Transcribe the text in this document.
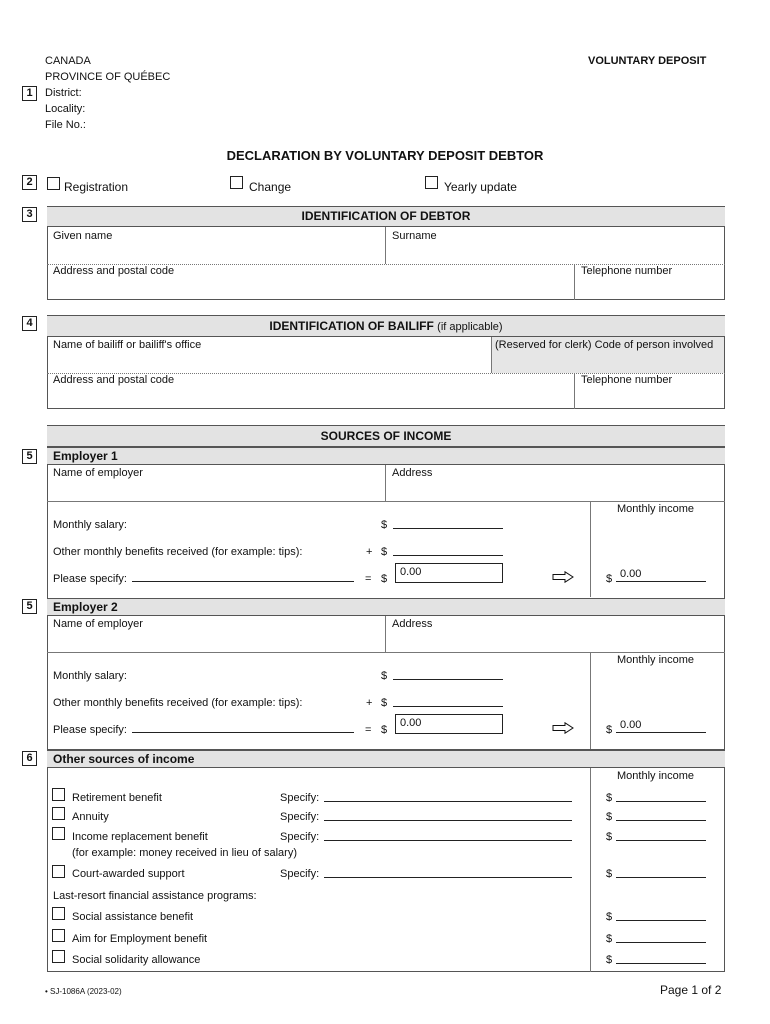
1
CANADA
PROVINCE OF QUÉBEC
District:
Locality:
File No.:
VOLUNTARY DEPOSIT
DECLARATION BY VOLUNTARY DEPOSIT DEBTOR
2	Registration	Change	Yearly update
3	IDENTIFICATION OF DEBTOR
Given name	Surname
Address and postal code	Telephone number
4	IDENTIFICATION OF BAILIFF (if applicable)
Name of bailiff or bailiff's office	(Reserved for clerk) Code of person involved
Address and postal code	Telephone number
SOURCES OF INCOME
5	Employer 1
Name of employer	Address
Monthly income
Monthly salary:	$
Other monthly benefits received (for example: tips):	+ $
Please specify:	= $
0.00
$ 0.00
5	Employer 2
Name of employer	Address
Monthly income
Monthly salary:	$
Other monthly benefits received (for example: tips):	+ $
Please specify:	= $
0.00
$ 0.00
6	Other sources of income
Monthly income
Retirement benefit	Specify:	$
Annuity	Specify:	$
Income replacement benefit	Specify:	$
(for example: money received in lieu of salary)
Court-awarded support	Specify:	$
Last-resort financial assistance programs:
Social assistance benefit	$
Aim for Employment benefit	$
Social solidarity allowance	$
• SJ-1086A (2023-02)	Page 1 of 2
